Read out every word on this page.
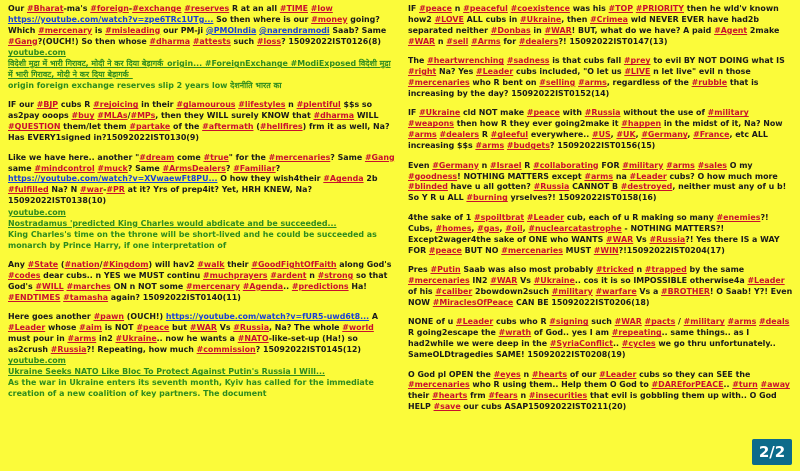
Our #Bharat-ma's #foreign-#exchange #reserves R at an all #TIME #low https://youtube.com/watch?v=zpe6TRc1UTg... So then where is our #money going? Which #mercenary is #misleading our PM-ji @PMOIndia @narendramodi Saab? Same #Gang?(OUCH!) So then whose #dharma #attests such #loss? 15092022IST0126(8)
youtube.com
विदेशी मुद्रा में भारी गिरावट, मोदी ने कर दिया बेड़ागर्क_origin... #ForeignExchange #ModiExposed विदेशी मुद्रा में भारी गिरावट, मोदी ने कर दिया बेड़ागर्क_
origin foreign exchange reserves slip 2 years low देशनीति भारत का
IF our #BJP cubs R #rejoicing in their #glamourous #lifestyles n #plentiful $$s so as2pay ooops #buy #MLAs/#MPs, then they WILL surely KNOW that #dharma WILL #QUESTION them/let them #partake of the #aftermath (#hellfires) frm it as well, Na? Has EVERY1signed in?15092022IST0130(9)
Like we have here.. another "#dream come #true" for the #mercenaries? Same #Gang same #mindcontrol #muck? Same #ArmsDealers? #Familiar? https://youtube.com/watch?v=XVwaewFt8PU... O how they wish4their #Agenda 2b #fulfilled Na? N #war-#PR at it? Yrs of prep4it? Yet, HRH KNEW, Na? 15092022IST0138(10)
youtube.com
Nostradamus 'predicted King Charles would abdicate and be succeeded...
King Charles's time on the throne will be short-lived and he could be succeeded as monarch by Prince Harry, if one interpretation of
Any #State (#nation/#Kingdom) will hav2 #walk their #GoodFightOfFaith along God's #codes dear cubs.. n YES we MUST continu #muchprayers #ardent n #strong so that God's #WILL #marches ON n NOT some #mercenary #Agenda.. #predictions Ha! #ENDTIMES #tamasha again? 15092022IST0140(11)
Here goes another #pawn (OUCH!) https://youtube.com/watch?v=fUR5-uwd6t8... A #Leader whose #aim is NOT #peace but #WAR Vs #Russia, Na? The whole #world must pour in #arms in2 #Ukraine.. now he wants a #NATO-like-set-up (Ha!) so as2crush #Russia?! Repeating, how much #commission? 15092022IST0145(12)
youtube.com
Ukraine Seeks NATO Like Bloc To Protect Against Putin's Russia I Will...
As the war in Ukraine enters its seventh month, Kyiv has called for the immediate creation of a new coalition of key partners. The document
IF #peace n #peaceful #coexistence was his #TOP #PRIORITY then he wld'v known how2 #LOVE ALL cubs in #Ukraine, then #Crimea wld NEVER EVER have had2b separated neither #Donbas in #WAR! BUT, what do we have? A paid #Agent 2make #WAR n #sell #Arms for #dealers?! 15092022IST0147(13)
The #heartwrenching #sadness is that cubs fall #prey to evil BY NOT DOING what IS #right Na? Yes #Leader cubs included, "O let us #LIVE n let live" evil n those #mercenaries who R bent on #selling #arms, regardless of the #rubble that is increasing by the day? 15092022IST0152(14)
IF #Ukraine cld NOT make #peace with #Russia without the use of #military #weapons then how R they ever going2make it #happen in the midst of it, Na? Now #arms #dealers R #gleeful everywhere.. #US, #UK, #Germany, #France, etc ALL increasing $$s #arms #budgets? 15092022IST0156(15)
Even #Germany n #Israel R #collaborating FOR #military #arms #sales O my #goodness! NOTHING MATTERS except #arms na #Leader cubs? O how much more #blinded have u all gotten? #Russia CANNOT B #destroyed, neither must any of u b! So Y R u ALL #burning yrselves?! 15092022IST0158(16)
4the sake of 1 #spoiltbrat #Leader cub, each of u R making so many #enemies?! Cubs, #homes, #gas, #oil, #nuclearcatastrophe - NOTHING MATTERS?! Except2wager4the sake of ONE who WANTS #WAR Vs #Russia?! Yes there IS a WAY FOR #peace BUT NO #mercenaries MUST #WIN?!15092022IST0204(17)
Pres #Putin Saab was also most probably #tricked n #trapped by the same #mercenaries IN2 #WAR Vs #Ukraine.. cos it is so IMPOSSIBLE otherwise4a #Leader of his #caliber 2bowdown2such #military #warfare Vs a #BROTHER! O Saab! Y?! Even NOW #MiraclesOfPeace CAN BE 15092022IST0206(18)
NONE of u #Leader cubs who R #signing such #WAR #pacts / #military #arms #deals R going2escape the #wrath of God.. yes I am #repeating.. same things.. as I had2while we were deep in the #SyriaConflict.. #cycles we go thru unfortunately.. SameOLDtragedies SAME! 15092022IST0208(19)
O God pl OPEN the #eyes n #hearts of our #Leader cubs so they can SEE the #mercenaries who R using them.. Help them O God to #DAREforPEACE.. #turn #away their #hearts frm #fears n #insecurities that evil is gobbling them up with.. O God HELP #save our cubs ASAP15092022IST0211(20)
2/2
